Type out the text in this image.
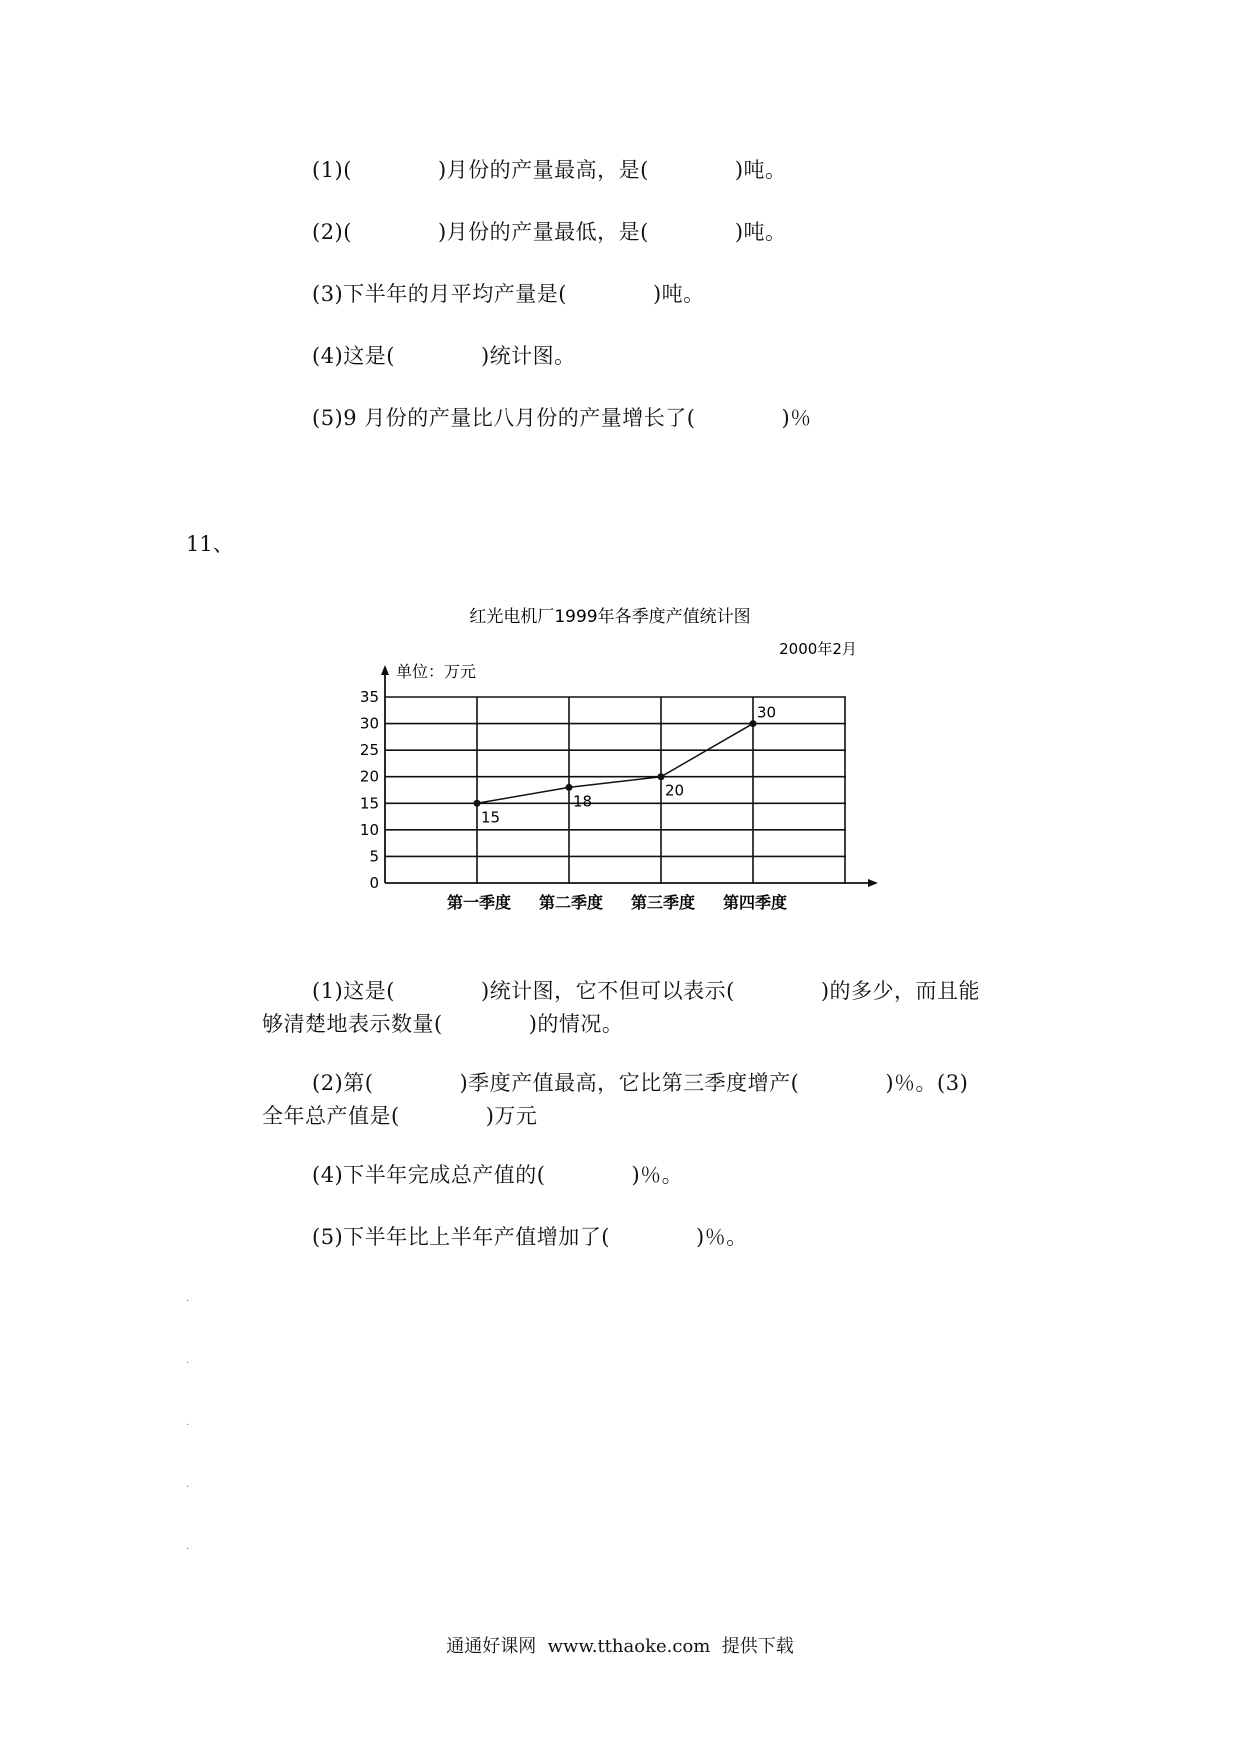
(1)(　　　　)月份的产量最高，是(　　　　)吨。
(2)(　　　　)月份的产量最低，是(　　　　)吨。
(3)下半年的月平均产量是(　　　　)吨。
(4)这是(　　　　)统计图。
(5)9 月份的产量比八月份的产量增长了(　　　　)％
11、
红光电机厂1999年各季度产值统计图
2000年2月
单位：万元
0
5
10
15
20
25
30
35
第一季度 第二季度 第三季度 第四季度
15
18
20
30
(1)这是(　　　　)统计图，它不但可以表示(　　　　)的多少，而且能
够清楚地表示数量(　　　　)的情况。
(2)第(　　　　)季度产值最高，它比第三季度增产(　　　　)％。(3)
全年总产值是(　　　　)万元
(4)下半年完成总产值的(　　　　)％。
(5)下半年比上半年产值增加了(　　　　)％。
·
·
·
·
·
通通好课网  www.tthaoke.com  提供下载
